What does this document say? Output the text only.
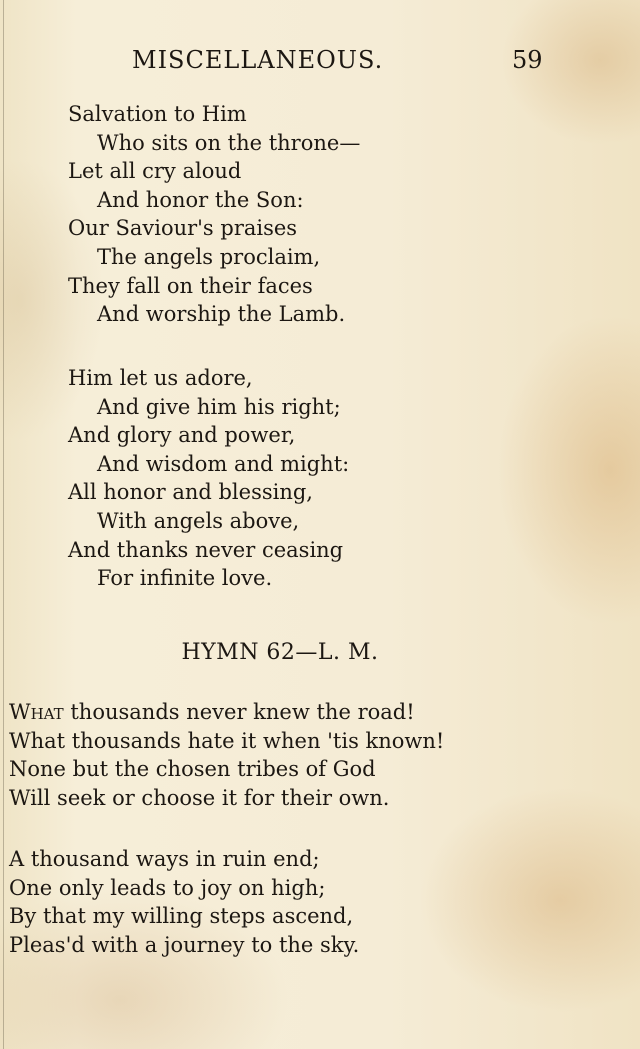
MISCELLANEOUS.	59
Salvation to Him
Who sits on the throne—
Let all cry aloud
And honor the Son:
Our Saviour's praises
The angels proclaim,
They fall on their faces
And worship the Lamb.
Him let us adore,
And give him his right;
And glory and power,
And wisdom and might:
All honor and blessing,
With angels above,
And thanks never ceasing
For infinite love.
HYMN 62—L. M.
What thousands never knew the road!
What thousands hate it when 'tis known!
None but the chosen tribes of God
Will seek or choose it for their own.
A thousand ways in ruin end;
One only leads to joy on high;
By that my willing steps ascend,
Pleas'd with a journey to the sky.
